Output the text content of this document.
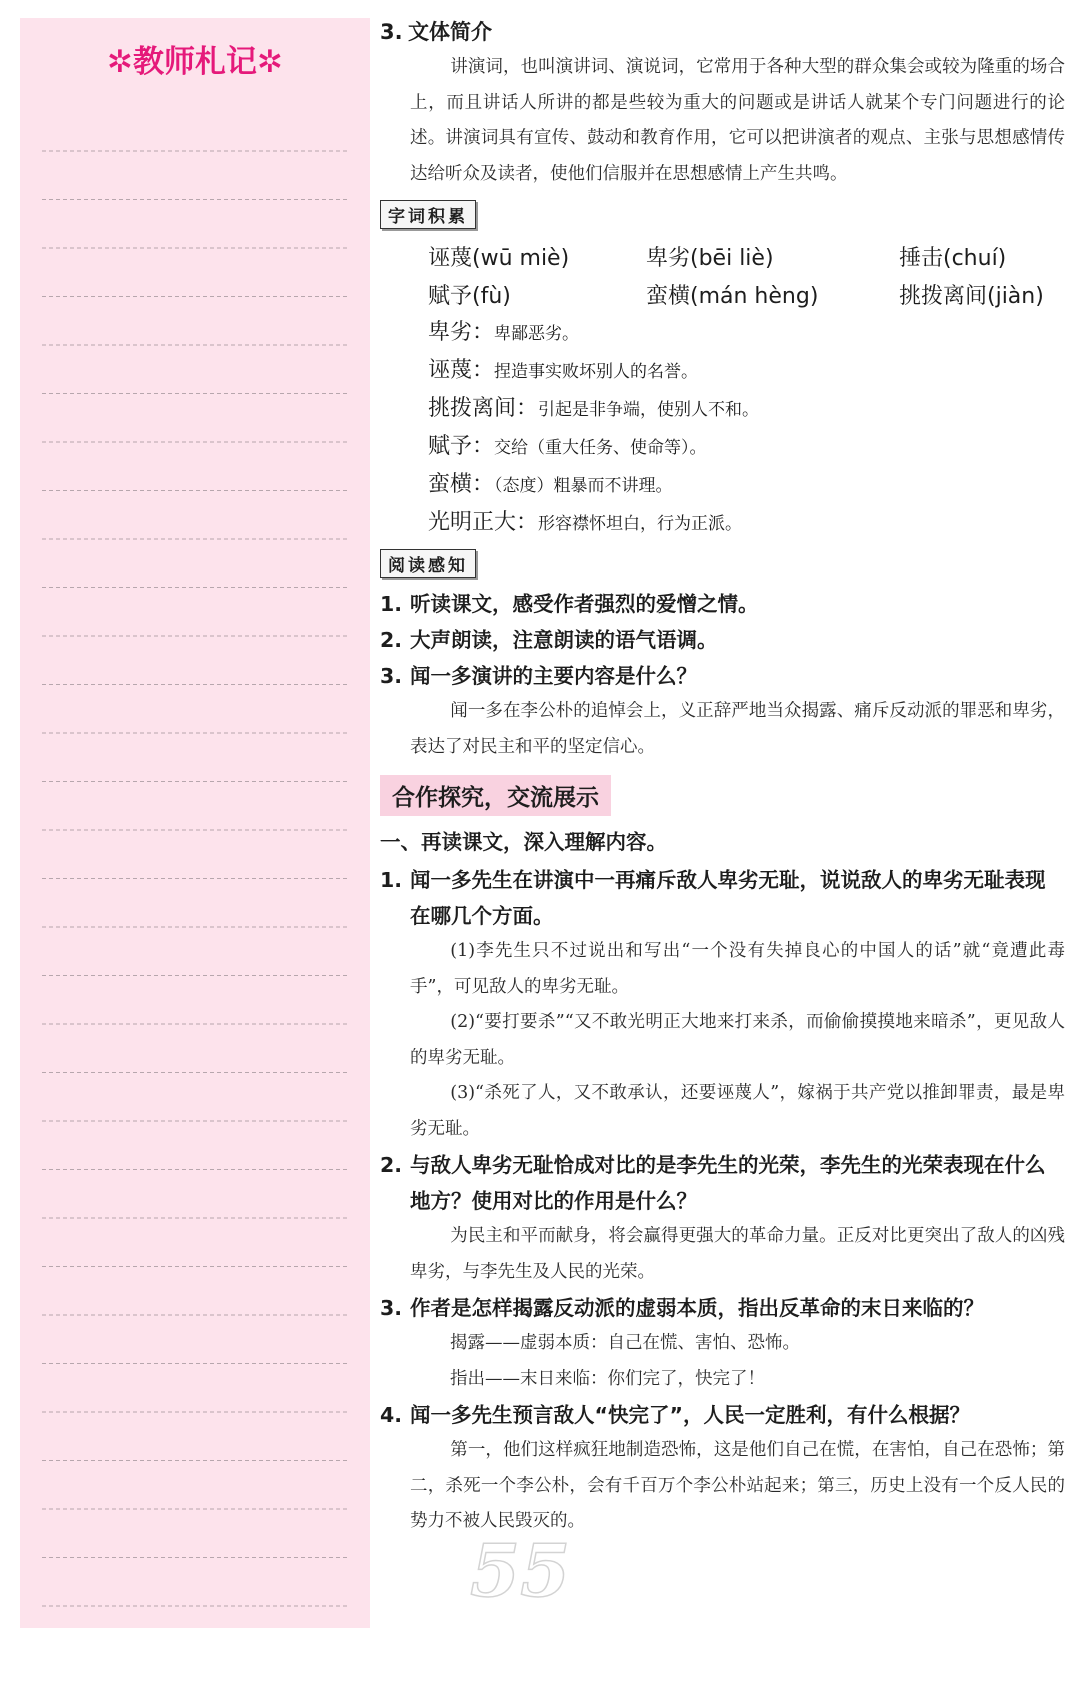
✲教师札记✲

3. 文体简介

讲演词，也叫演讲词、演说词，它常用于各种大型的群众集会或较为隆重的场合上，而且讲话人所讲的都是些较为重大的问题或是讲话人就某个专门问题进行的论述。讲演词具有宣传、鼓动和教育作用，它可以把讲演者的观点、主张与思想感情传达给听众及读者，使他们信服并在思想感情上产生共鸣。

字词积累
诬蔑(wū miè)	卑劣(bēi liè)	捶击(chuí)
赋予(fù)	蛮横(mán hèng)	挑拨离间(jiàn)
卑劣：卑鄙恶劣。
诬蔑：捏造事实败坏别人的名誉。
挑拨离间：引起是非争端，使别人不和。
赋予：交给（重大任务、使命等）。
蛮横：（态度）粗暴而不讲理。
光明正大：形容襟怀坦白，行为正派。
阅读感知

1. 听读课文，感受作者强烈的爱憎之情。

2. 大声朗读，注意朗读的语气语调。

3. 闻一多演讲的主要内容是什么？

闻一多在李公朴的追悼会上，义正辞严地当众揭露、痛斥反动派的罪恶和卑劣，表达了对民主和平的坚定信心。

合作探究，交流展示

一、再读课文，深入理解内容。

1. 闻一多先生在讲演中一再痛斥敌人卑劣无耻，说说敌人的卑劣无耻表现在哪几个方面。

(1)李先生只不过说出和写出“一个没有失掉良心的中国人的话”就“竟遭此毒手”，可见敌人的卑劣无耻。

(2)“要打要杀”“又不敢光明正大地来打来杀，而偷偷摸摸地来暗杀”，更见敌人的卑劣无耻。

(3)“杀死了人，又不敢承认，还要诬蔑人”，嫁祸于共产党以推卸罪责，最是卑劣无耻。

2. 与敌人卑劣无耻恰成对比的是李先生的光荣，李先生的光荣表现在什么地方？使用对比的作用是什么？

为民主和平而献身，将会赢得更强大的革命力量。正反对比更突出了敌人的凶残卑劣，与李先生及人民的光荣。

3. 作者是怎样揭露反动派的虚弱本质，指出反革命的末日来临的？

揭露——虚弱本质：自己在慌、害怕、恐怖。

指出——末日来临：你们完了，快完了！

4. 闻一多先生预言敌人“快完了”，人民一定胜利，有什么根据？

第一，他们这样疯狂地制造恐怖，这是他们自己在慌，在害怕，自己在恐怖；第二，杀死一个李公朴，会有千百万个李公朴站起来；第三，历史上没有一个反人民的势力不被人民毁灭的。

55
